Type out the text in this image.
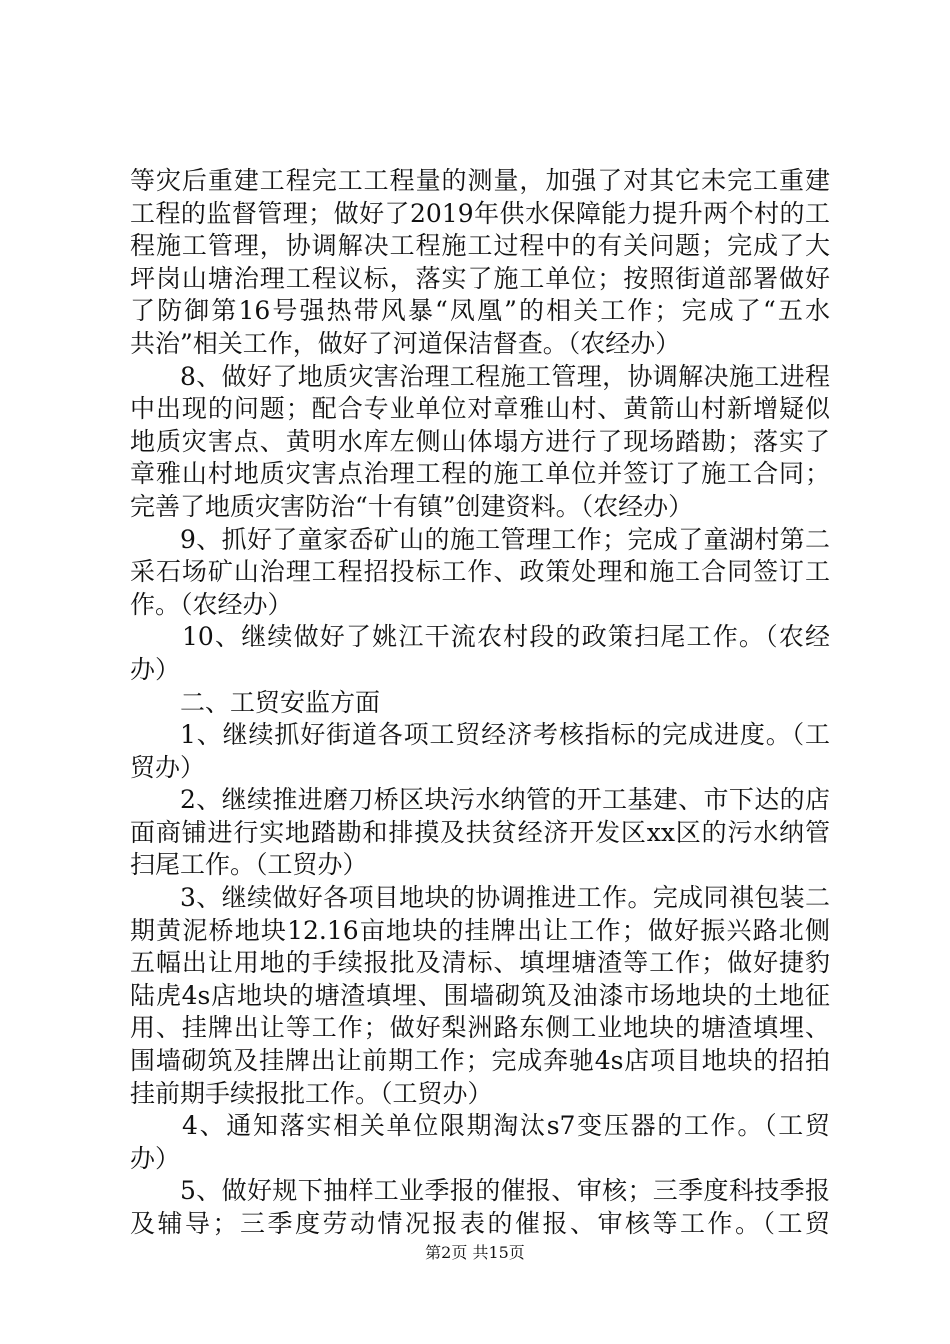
等灾后重建工程完工工程量的测量，加强了对其它未完工重建
工程的监督管理；做好了2019年供水保障能力提升两个村的工
程施工管理，协调解决工程施工过程中的有关问题；完成了大
坪岗山塘治理工程议标，落实了施工单位；按照街道部署做好
了防御第16号强热带风暴“凤凰”的相关工作；完成了“五水
共治”相关工作，做好了河道保洁督查。（农经办）
8、做好了地质灾害治理工程施工管理，协调解决施工进程
中出现的问题；配合专业单位对章雅山村、黄箭山村新增疑似
地质灾害点、黄明水库左侧山体塌方进行了现场踏勘；落实了
章雅山村地质灾害点治理工程的施工单位并签订了施工合同；
完善了地质灾害防治“十有镇”创建资料。（农经办）
9、抓好了童家岙矿山的施工管理工作；完成了童湖村第二
采石场矿山治理工程招投标工作、政策处理和施工合同签订工
作。（农经办）
10、继续做好了姚江干流农村段的政策扫尾工作。（农经
办）
二、工贸安监方面
1、继续抓好街道各项工贸经济考核指标的完成进度。（工
贸办）
2、继续推进磨刀桥区块污水纳管的开工基建、市下达的店
面商铺进行实地踏勘和排摸及扶贫经济开发区xx区的污水纳管
扫尾工作。（工贸办）
3、继续做好各项目地块的协调推进工作。完成同祺包装二
期黄泥桥地块12.16亩地块的挂牌出让工作；做好振兴路北侧
五幅出让用地的手续报批及清标、填埋塘渣等工作；做好捷豹
陆虎4s店地块的塘渣填埋、围墙砌筑及油漆市场地块的土地征
用、挂牌出让等工作；做好梨洲路东侧工业地块的塘渣填埋、
围墙砌筑及挂牌出让前期工作；完成奔驰4s店项目地块的招拍
挂前期手续报批工作。（工贸办）
4、通知落实相关单位限期淘汰s7变压器的工作。（工贸
办）
5、做好规下抽样工业季报的催报、审核；三季度科技季报
及辅导；三季度劳动情况报表的催报、审核等工作。（工贸
第2页 共15页
